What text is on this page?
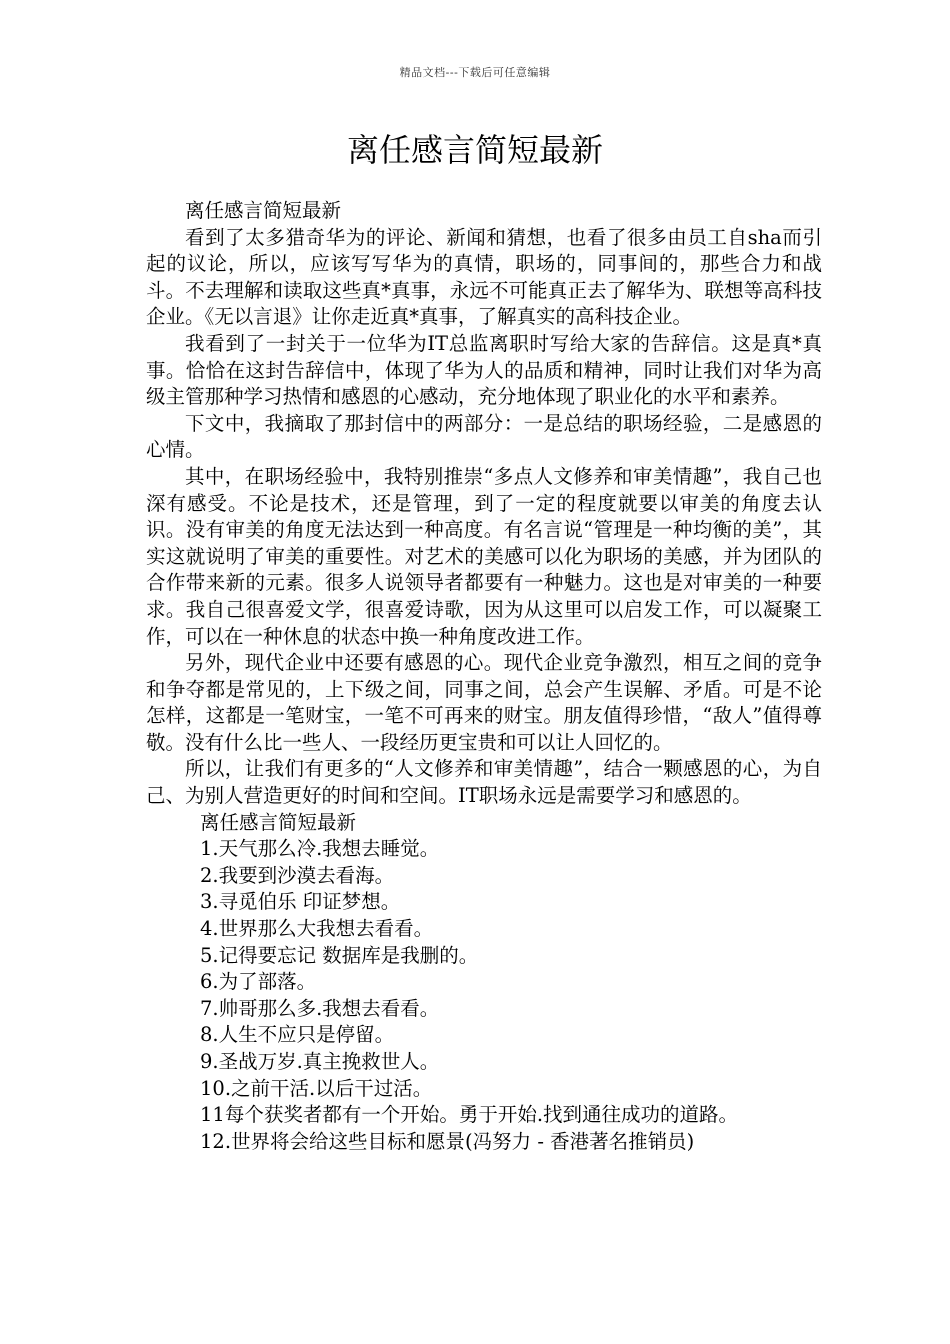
精品文档---下载后可任意编辑
离任感言简短最新

离任感言简短最新

看到了太多猎奇华为的评论、新闻和猜想，也看了很多由员工自sha而引起的议论，所以，应该写写华为的真情，职场的，同事间的，那些合力和战斗。不去理解和读取这些真*真事，永远不可能真正去了解华为、联想等高科技企业。《无以言退》让你走近真*真事，了解真实的高科技企业。

我看到了一封关于一位华为IT总监离职时写给大家的告辞信。这是真*真事。恰恰在这封告辞信中，体现了华为人的品质和精神，同时让我们对华为高级主管那种学习热情和感恩的心感动，充分地体现了职业化的水平和素养。

下文中，我摘取了那封信中的两部分：一是总结的职场经验，二是感恩的心情。

其中，在职场经验中，我特别推崇“多点人文修养和审美情趣”，我自己也深有感受。不论是技术，还是管理，到了一定的程度就要以审美的角度去认识。没有审美的角度无法达到一种高度。有名言说“管理是一种均衡的美”，其实这就说明了审美的重要性。对艺术的美感可以化为职场的美感，并为团队的合作带来新的元素。很多人说领导者都要有一种魅力。这也是对审美的一种要求。我自己很喜爱文学，很喜爱诗歌，因为从这里可以启发工作，可以凝聚工作，可以在一种休息的状态中换一种角度改进工作。

另外，现代企业中还要有感恩的心。现代企业竞争激烈，相互之间的竞争和争夺都是常见的，上下级之间，同事之间，总会产生误解、矛盾。可是不论怎样，这都是一笔财宝，一笔不可再来的财宝。朋友值得珍惜，“敌人”值得尊敬。没有什么比一些人、一段经历更宝贵和可以让人回忆的。

所以，让我们有更多的“人文修养和审美情趣”，结合一颗感恩的心，为自己、为别人营造更好的时间和空间。IT职场永远是需要学习和感恩的。

离任感言简短最新
1.天气那么冷.我想去睡觉。
2.我要到沙漠去看海。
3.寻觅伯乐 印证梦想。
4.世界那么大我想去看看。
5.记得要忘记 数据库是我删的。
6.为了部落。
7.帅哥那么多.我想去看看。
8.人生不应只是停留。
9.圣战万岁.真主挽救世人。
10.之前干活.以后干过活。
11每个获奖者都有一个开始。勇于开始.找到通往成功的道路。
12.世界将会给这些目标和愿景(冯努力 - 香港著名推销员)
